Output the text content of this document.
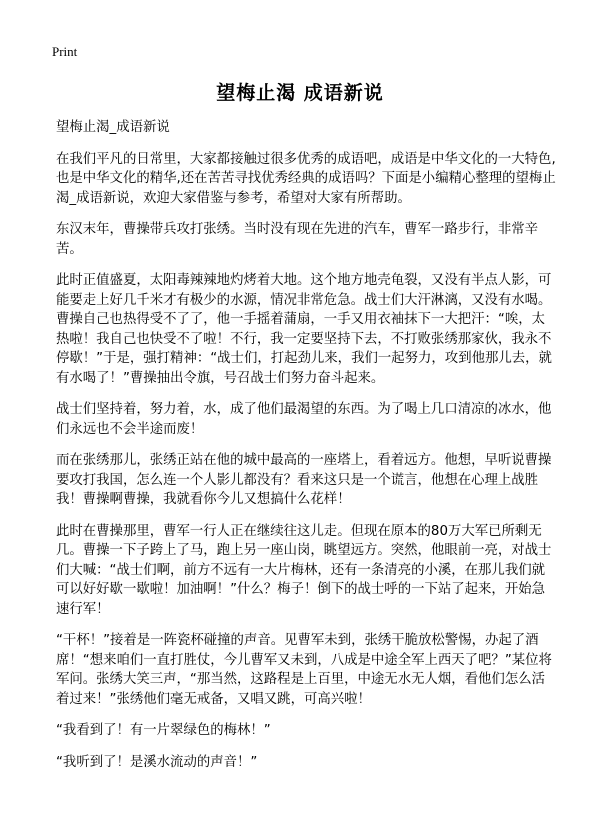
Print
望梅止渴 成语新说

望梅止渴_成语新说

在我们平凡的日常里，大家都接触过很多优秀的成语吧，成语是中华文化的一大特色,也是中华文化的精华,还在苦苦寻找优秀经典的成语吗？下面是小编精心整理的望梅止渴_成语新说，欢迎大家借鉴与参考，希望对大家有所帮助。

东汉末年，曹操带兵攻打张绣。当时没有现在先进的汽车，曹军一路步行，非常辛苦。

此时正值盛夏，太阳毒辣辣地灼烤着大地。这个地方地壳龟裂，又没有半点人影，可能要走上好几千米才有极少的水源，情况非常危急。战士们大汗淋漓，又没有水喝。曹操自己也热得受不了了，他一手摇着蒲扇，一手又用衣袖抹下一大把汗：“唉，太热啦！我自己也快受不了啦！不行，我一定要坚持下去，不打败张绣那家伙，我永不停歇！”于是，强打精神：“战士们，打起劲儿来，我们一起努力，攻到他那儿去，就有水喝了！”曹操抽出令旗，号召战士们努力奋斗起来。

战士们坚持着，努力着，水，成了他们最渴望的东西。为了喝上几口清凉的冰水，他们永远也不会半途而废！

而在张绣那儿，张绣正站在他的城中最高的一座塔上，看着远方。他想，早听说曹操要攻打我国，怎么连一个人影儿都没有？看来这只是一个谎言，他想在心理上战胜我！曹操啊曹操，我就看你今儿又想搞什么花样！

此时在曹操那里，曹军一行人正在继续往这儿走。但现在原本的80万大军已所剩无几。曹操一下子跨上了马，跑上另一座山岗，眺望远方。突然，他眼前一亮，对战士们大喊：“战士们啊，前方不远有一大片梅林，还有一条清亮的小溪，在那儿我们就可以好好歇一歇啦！加油啊！”什么？梅子！倒下的战士呼的一下站了起来，开始急速行军！

“干杯！”接着是一阵瓷杯碰撞的声音。见曹军未到，张绣干脆放松警惕，办起了酒席！“想来咱们一直打胜仗，今儿曹军又未到，八成是中途全军上西天了吧？”某位将军问。张绣大笑三声，“那当然，这路程是上百里，中途无水无人烟，看他们怎么活着过来！”张绣他们毫无戒备，又唱又跳，可高兴啦！

“我看到了！有一片翠绿色的梅林！”

“我听到了！是溪水流动的声音！”
